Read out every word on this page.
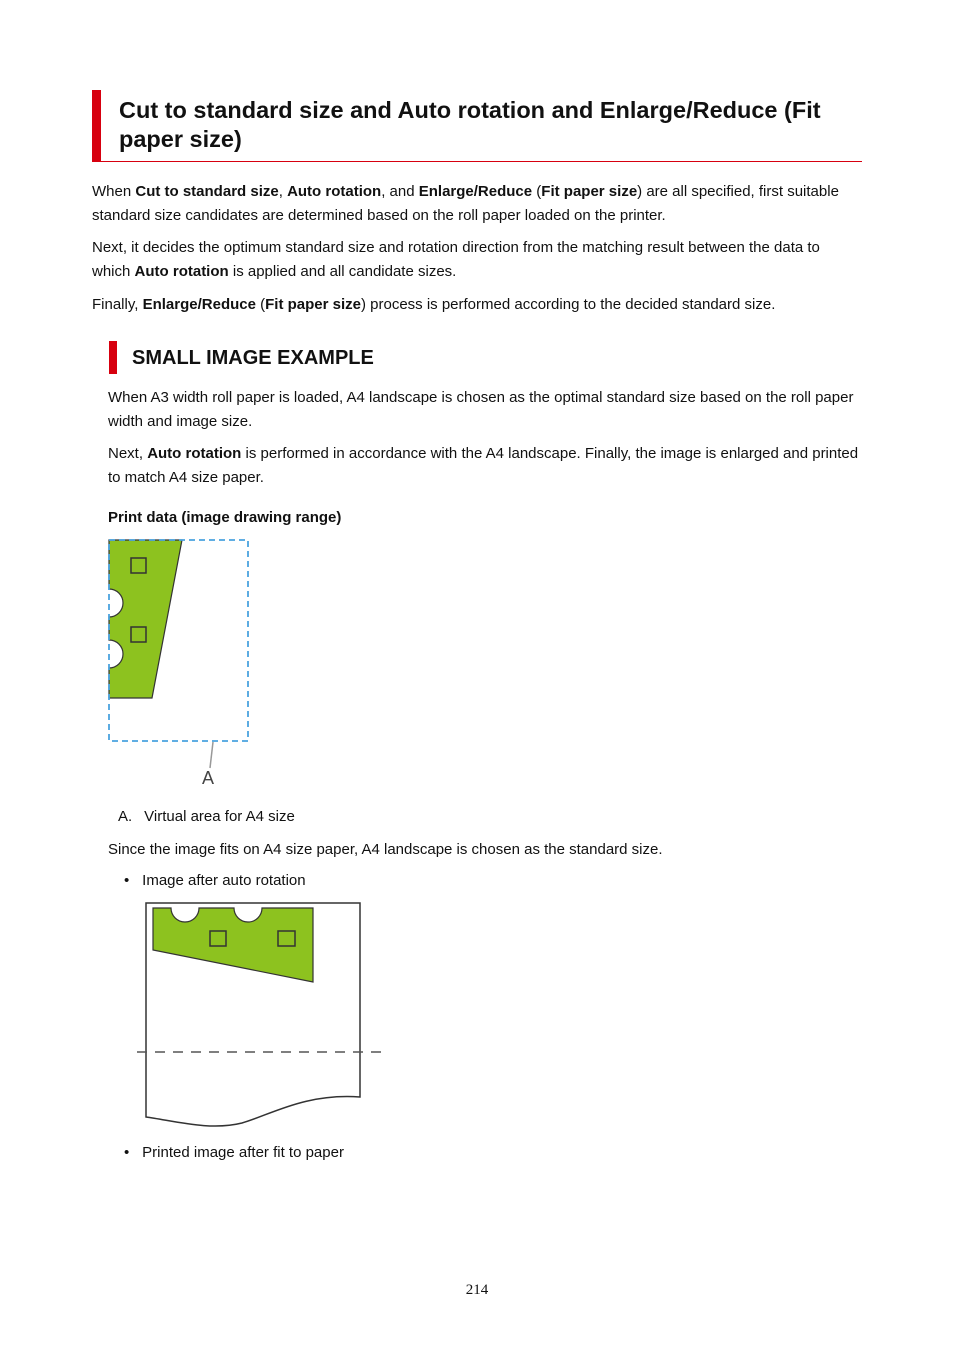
Cut to standard size and Auto rotation and Enlarge/Reduce (Fit paper size)

When Cut to standard size, Auto rotation, and Enlarge/Reduce (Fit paper size) are all specified, first suitable standard size candidates are determined based on the roll paper loaded on the printer.

Next, it decides the optimum standard size and rotation direction from the matching result between the data to which Auto rotation is applied and all candidate sizes.

Finally, Enlarge/Reduce (Fit paper size) process is performed according to the decided standard size.

SMALL IMAGE EXAMPLE

When A3 width roll paper is loaded, A4 landscape is chosen as the optimal standard size based on the roll paper width and image size.

Next, Auto rotation is performed in accordance with the A4 landscape. Finally, the image is enlarged and printed to match A4 size paper.

Print data (image drawing range)

A
A. Virtual area for A4 size

Since the image fits on A4 size paper, A4 landscape is chosen as the standard size.

• Image after auto rotation
• Printed image after fit to paper
214
